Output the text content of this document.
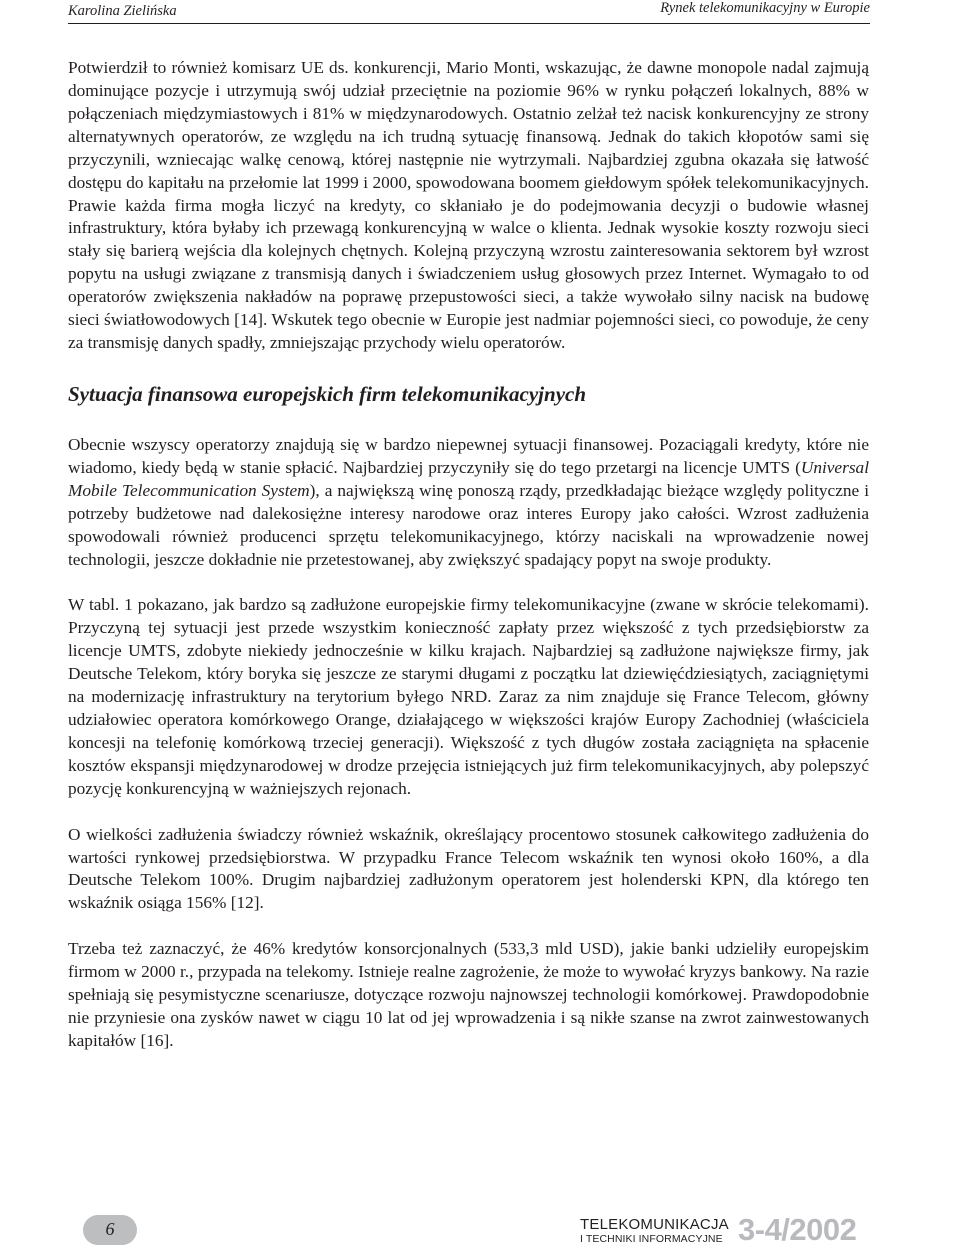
Karolina Zielińska	Rynek telekomunikacyjny w Europie

Potwierdził to również komisarz UE ds. konkurencji, Mario Monti, wskazując, że dawne monopole nadal zajmują dominujące pozycje i utrzymują swój udział przeciętnie na poziomie 96% w rynku połączeń lokalnych, 88% w połączeniach międzymiastowych i 81% w międzynarodowych. Ostatnio zelżał też nacisk konkurencyjny ze strony alternatywnych operatorów, ze względu na ich trudną sytuację finansową. Jednak do takich kłopotów sami się przyczynili, wzniecając walkę cenową, której następnie nie wytrzymali. Najbardziej zgubna okazała się łatwość dostępu do kapitału na przełomie lat 1999 i 2000, spowodowana boomem giełdowym spółek telekomunikacyjnych. Prawie każda firma mogła liczyć na kredyty, co skłaniało je do podejmowania decyzji o budowie własnej infrastruktury, która byłaby ich przewagą konkurencyjną w walce o klienta. Jednak wysokie koszty rozwoju sieci stały się barierą wejścia dla kolejnych chętnych. Kolejną przyczyną wzrostu zainteresowania sektorem był wzrost popytu na usługi związane z transmisją danych i świadczeniem usług głosowych przez Internet. Wymagało to od operatorów zwiększenia nakładów na poprawę przepustowości sieci, a także wywołało silny nacisk na budowę sieci światłowodowych [14]. Wskutek tego obecnie w Europie jest nadmiar pojemności sieci, co powoduje, że ceny za transmisję danych spadły, zmniejszając przychody wielu operatorów.

Sytuacja finansowa europejskich firm telekomunikacyjnych

Obecnie wszyscy operatorzy znajdują się w bardzo niepewnej sytuacji finansowej. Pozaciągali kredyty, które nie wiadomo, kiedy będą w stanie spłacić. Najbardziej przyczyniły się do tego przetargi na licencje UMTS (Universal Mobile Telecommunication System), a największą winę ponoszą rządy, przedkładając bieżące względy polityczne i potrzeby budżetowe nad dalekosiężne interesy narodowe oraz interes Europy jako całości. Wzrost zadłużenia spowodowali również producenci sprzętu telekomunikacyjnego, którzy naciskali na wprowadzenie nowej technologii, jeszcze dokładnie nie przetestowanej, aby zwiększyć spadający popyt na swoje produkty.

W tabl. 1 pokazano, jak bardzo są zadłużone europejskie firmy telekomunikacyjne (zwane w skrócie telekomami). Przyczyną tej sytuacji jest przede wszystkim konieczność zapłaty przez większość z tych przedsiębiorstw za licencje UMTS, zdobyte niekiedy jednocześnie w kilku krajach. Najbardziej są zadłużone największe firmy, jak Deutsche Telekom, który boryka się jeszcze ze starymi długami z początku lat dziewięćdziesiątych, zaciągniętymi na modernizację infrastruktury na terytorium byłego NRD. Zaraz za nim znajduje się France Telecom, główny udziałowiec operatora komórkowego Orange, działającego w większości krajów Europy Zachodniej (właściciela koncesji na telefonię komórkową trzeciej generacji). Większość z tych długów została zaciągnięta na spłacenie kosztów ekspansji międzynarodowej w drodze przejęcia istniejących już firm telekomunikacyjnych, aby polepszyć pozycję konkurencyjną w ważniejszych rejonach.

O wielkości zadłużenia świadczy również wskaźnik, określający procentowo stosunek całkowitego zadłużenia do wartości rynkowej przedsiębiorstwa. W przypadku France Telecom wskaźnik ten wynosi około 160%, a dla Deutsche Telekom 100%. Drugim najbardziej zadłużonym operatorem jest holenderski KPN, dla którego ten wskaźnik osiąga 156% [12].

Trzeba też zaznaczyć, że 46% kredytów konsorcjonalnych (533,3 mld USD), jakie banki udzieliły europejskim firmom w 2000 r., przypada na telekomy. Istnieje realne zagrożenie, że może to wywołać kryzys bankowy. Na razie spełniają się pesymistyczne scenariusze, dotyczące rozwoju najnowszej technologii komórkowej. Prawdopodobnie nie przyniesie ona zysków nawet w ciągu 10 lat od jej wprowadzenia i są nikłe szanse na zwrot zainwestowanych kapitałów [16].

6	TELEKOMUNIKACJA
I TECHNIKI INFORMACYJNE 3-4/2002
